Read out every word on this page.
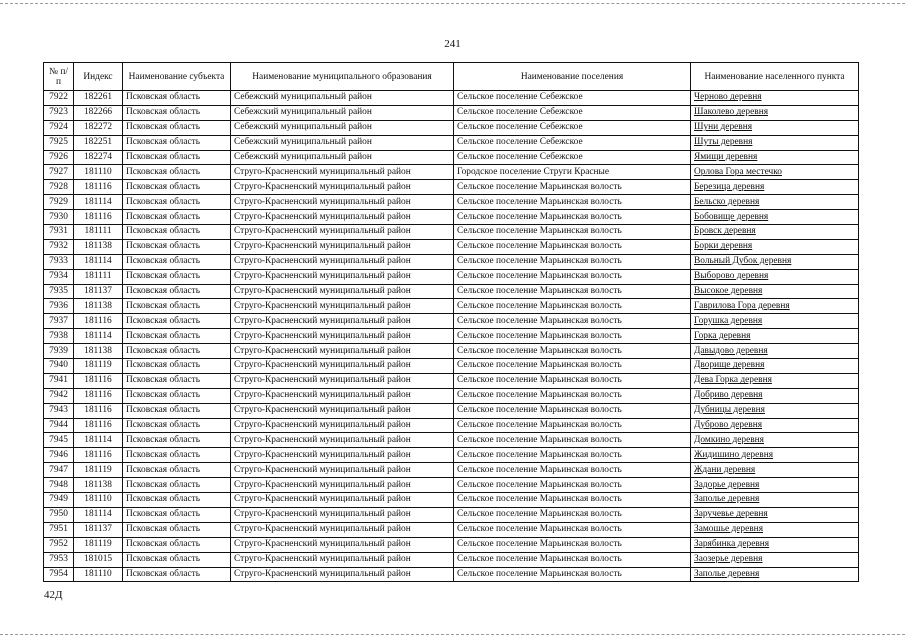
241
№ п/п	Индекс	Наименование субъекта	Наименование муниципального образования	Наименование поселения	Наименование населенного пункта
7922	182261	Псковская область	Себежский муниципальный район	Сельское поселение Себежское	Черново деревня
7923	182266	Псковская область	Себежский муниципальный район	Сельское поселение Себежское	Шаколево деревня
7924	182272	Псковская область	Себежский муниципальный район	Сельское поселение Себежское	Шуни деревня
7925	182251	Псковская область	Себежский муниципальный район	Сельское поселение Себежское	Шуты деревня
7926	182274	Псковская область	Себежский муниципальный район	Сельское поселение Себежское	Ямищи деревня
7927	181110	Псковская область	Струго-Красненский муниципальный район	Городское поселение Струги Красные	Орлова Гора местечко
7928	181116	Псковская область	Струго-Красненский муниципальный район	Сельское поселение Марьинская волость	Березица деревня
7929	181114	Псковская область	Струго-Красненский муниципальный район	Сельское поселение Марьинская волость	Бельско деревня
7930	181116	Псковская область	Струго-Красненский муниципальный район	Сельское поселение Марьинская волость	Бобовище деревня
7931	181111	Псковская область	Струго-Красненский муниципальный район	Сельское поселение Марьинская волость	Бровск деревня
7932	181138	Псковская область	Струго-Красненский муниципальный район	Сельское поселение Марьинская волость	Борки деревня
7933	181114	Псковская область	Струго-Красненский муниципальный район	Сельское поселение Марьинская волость	Вольный Дубок деревня
7934	181111	Псковская область	Струго-Красненский муниципальный район	Сельское поселение Марьинская волость	Выборово деревня
7935	181137	Псковская область	Струго-Красненский муниципальный район	Сельское поселение Марьинская волость	Высокое деревня
7936	181138	Псковская область	Струго-Красненский муниципальный район	Сельское поселение Марьинская волость	Гаврилова Гора деревня
7937	181116	Псковская область	Струго-Красненский муниципальный район	Сельское поселение Марьинская волость	Горушка деревня
7938	181114	Псковская область	Струго-Красненский муниципальный район	Сельское поселение Марьинская волость	Горка деревня
7939	181138	Псковская область	Струго-Красненский муниципальный район	Сельское поселение Марьинская волость	Давыдово деревня
7940	181119	Псковская область	Струго-Красненский муниципальный район	Сельское поселение Марьинская волость	Дворище деревня
7941	181116	Псковская область	Струго-Красненский муниципальный район	Сельское поселение Марьинская волость	Дева Горка деревня
7942	181116	Псковская область	Струго-Красненский муниципальный район	Сельское поселение Марьинская волость	Добриво деревня
7943	181116	Псковская область	Струго-Красненский муниципальный район	Сельское поселение Марьинская волость	Дубницы деревня
7944	181116	Псковская область	Струго-Красненский муниципальный район	Сельское поселение Марьинская волость	Дуброво деревня
7945	181114	Псковская область	Струго-Красненский муниципальный район	Сельское поселение Марьинская волость	Домкино деревня
7946	181116	Псковская область	Струго-Красненский муниципальный район	Сельское поселение Марьинская волость	Жидишино деревня
7947	181119	Псковская область	Струго-Красненский муниципальный район	Сельское поселение Марьинская волость	Ждани деревня
7948	181138	Псковская область	Струго-Красненский муниципальный район	Сельское поселение Марьинская волость	Задорье деревня
7949	181110	Псковская область	Струго-Красненский муниципальный район	Сельское поселение Марьинская волость	Заполье деревня
7950	181114	Псковская область	Струго-Красненский муниципальный район	Сельское поселение Марьинская волость	Заручевье деревня
7951	181137	Псковская область	Струго-Красненский муниципальный район	Сельское поселение Марьинская волость	Замошье деревня
7952	181119	Псковская область	Струго-Красненский муниципальный район	Сельское поселение Марьинская волость	Зарябинка деревня
7953	181015	Псковская область	Струго-Красненский муниципальный район	Сельское поселение Марьинская волость	Заозерье деревня
7954	181110	Псковская область	Струго-Красненский муниципальный район	Сельское поселение Марьинская волость	Заполье деревня
42Д
